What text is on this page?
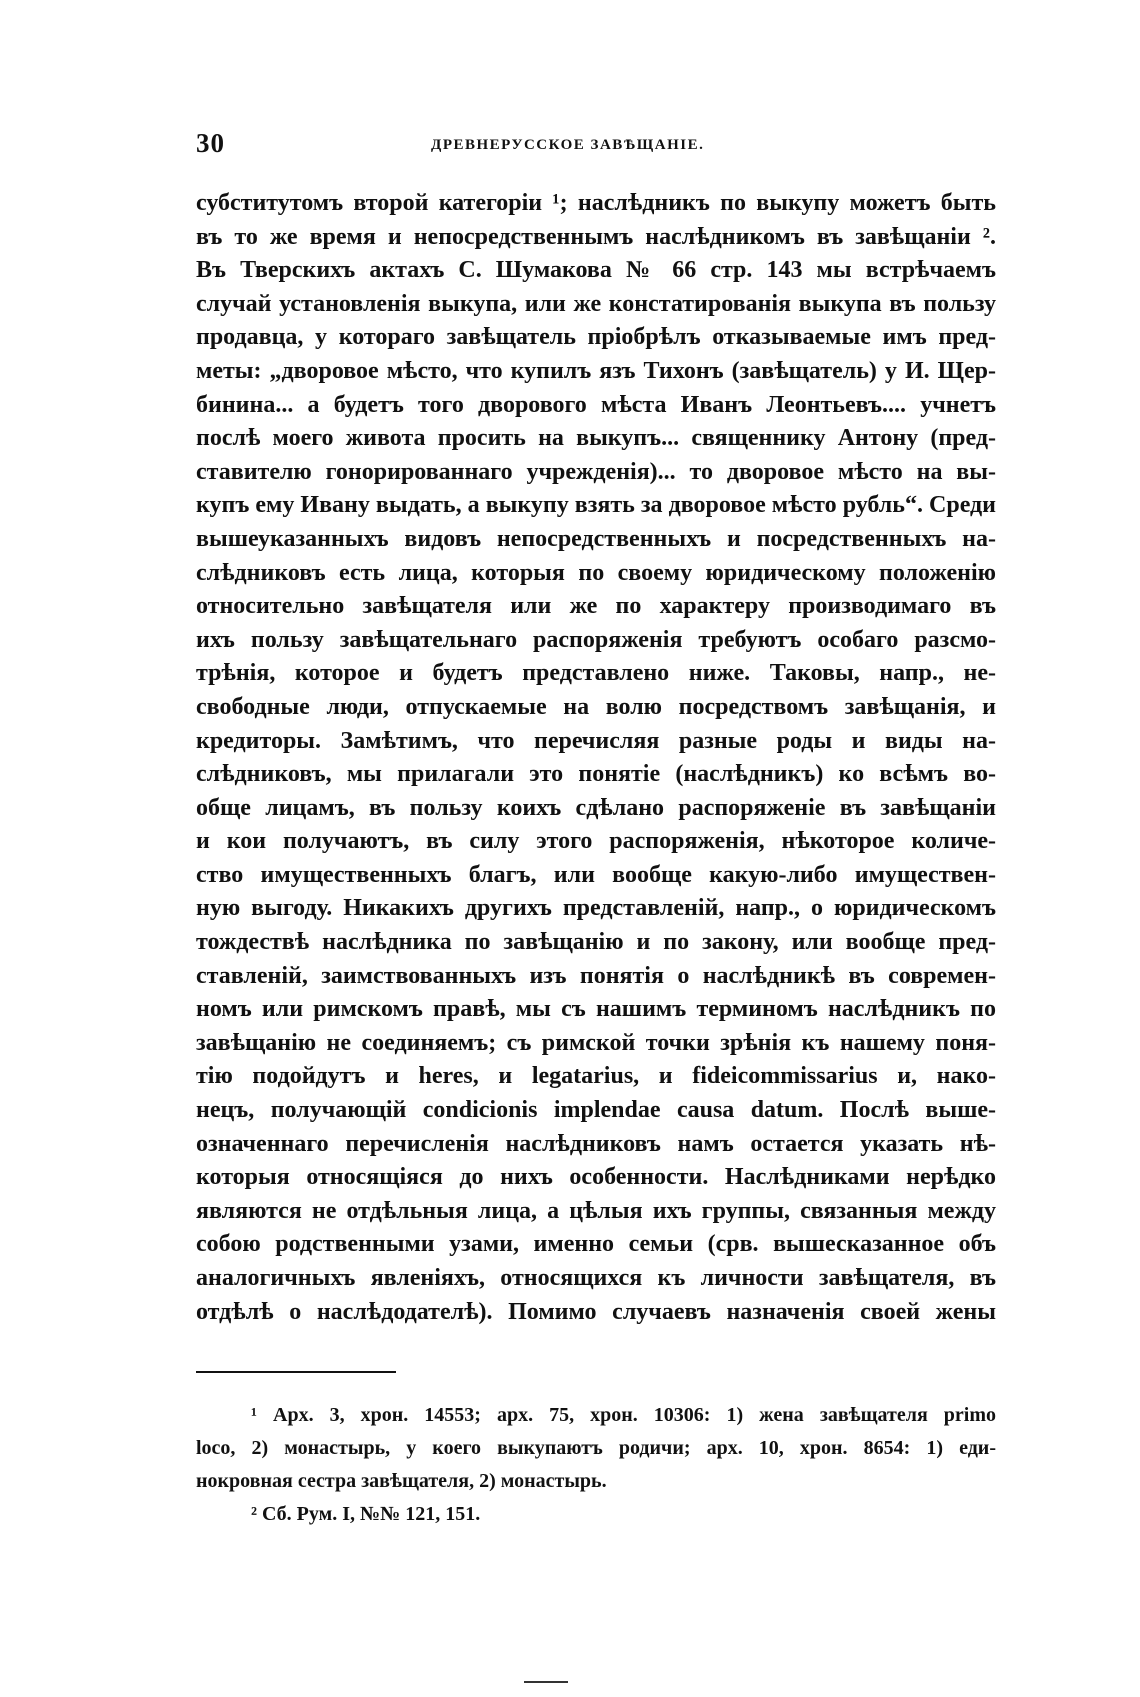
30	ДРЕВНЕРУССКОЕ ЗАВѢЩАНІЕ.
субститутомъ второй категоріи ¹; наслѣдникъ по выкупу можетъ быть
въ то же время и непосредственнымъ наслѣдникомъ въ завѣщаніи ².
Въ Тверскихъ актахъ С. Шумакова № 66 стр. 143 мы встрѣчаемъ
случай установленія выкупа, или же констатированія выкупа въ пользу
продавца, у котораго завѣщатель пріобрѣлъ отказываемые имъ пред-
меты: „дворовое мѣсто, что купилъ язъ Тихонъ (завѣщатель) у И. Щер-
бинина... а будетъ того дворового мѣста Иванъ Леонтьевъ.... учнетъ
послѣ моего живота просить на выкупъ... священнику Антону (пред-
ставителю гонорированнаго учрежденія)... то дворовое мѣсто на вы-
купъ ему Ивану выдать, а выкупу взять за дворовое мѣсто рубль“. Среди
вышеуказанныхъ видовъ непосредственныхъ и посредственныхъ на-
слѣдниковъ есть лица, которыя по своему юридическому положенію
относительно завѣщателя или же по характеру производимаго въ
ихъ пользу завѣщательнаго распоряженія требуютъ особаго разсмо-
трѣнія, которое и будетъ представлено ниже. Таковы, напр., не-
свободные люди, отпускаемые на волю посредствомъ завѣщанія, и
кредиторы. Замѣтимъ, что перечисляя разные роды и виды на-
слѣдниковъ, мы прилагали это понятіе (наслѣдникъ) ко всѣмъ во-
обще лицамъ, въ пользу коихъ сдѣлано распоряженіе въ завѣщаніи
и кои получаютъ, въ силу этого распоряженія, нѣкоторое количе-
ство имущественныхъ благъ, или вообще какую-либо имуществен-
ную выгоду. Никакихъ другихъ представленій, напр., о юридическомъ
тождествѣ наслѣдника по завѣщанію и по закону, или вообще пред-
ставленій, заимствованныхъ изъ понятія о наслѣдникѣ въ современ-
номъ или римскомъ правѣ, мы съ нашимъ терминомъ наслѣдникъ по
завѣщанію не соединяемъ; съ римской точки зрѣнія къ нашему поня-
тію подойдутъ и heres, и legatarius, и fideicommissarius и, нако-
нецъ, получающій condicionis implendae causa datum. Послѣ выше-
означеннаго перечисленія наслѣдниковъ намъ остается указать нѣ-
которыя относящіяся до нихъ особенности. Наслѣдниками нерѣдко
являются не отдѣльныя лица, а цѣлыя ихъ группы, связанныя между
собою родственными узами, именно семьи (срв. вышесказанное объ
аналогичныхъ явленіяхъ, относящихся къ личности завѣщателя, въ
отдѣлѣ о наслѣдодателѣ). Помимо случаевъ назначенія своей жены
¹ Арх. 3, хрон. 14553; арх. 75, хрон. 10306: 1) жена завѣщателя primo
loco, 2) монастырь, у коего выкупаютъ родичи; арх. 10, хрон. 8654: 1) еди-
нокровная сестра завѣщателя, 2) монастырь.
² Сб. Рум. I, №№ 121, 151.
